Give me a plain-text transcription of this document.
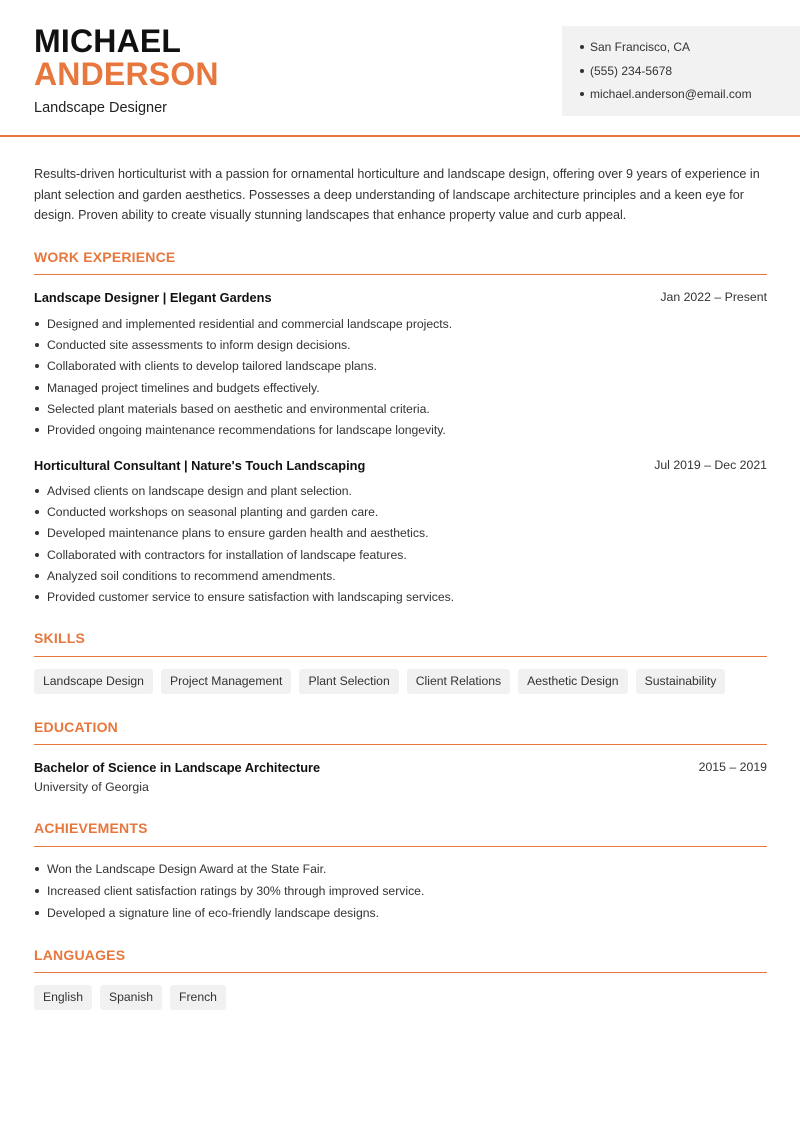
MICHAEL
ANDERSON
Landscape Designer
San Francisco, CA
(555) 234-5678
michael.anderson@email.com

Results-driven horticulturist with a passion for ornamental horticulture and landscape design, offering over 9 years of experience in plant selection and garden aesthetics. Possesses a deep understanding of landscape architecture principles and a keen eye for design. Proven ability to create visually stunning landscapes that enhance property value and curb appeal.

WORK EXPERIENCE
Landscape Designer | Elegant Gardens	Jan 2022 – Present
Designed and implemented residential and commercial landscape projects.
Conducted site assessments to inform design decisions.
Collaborated with clients to develop tailored landscape plans.
Managed project timelines and budgets effectively.
Selected plant materials based on aesthetic and environmental criteria.
Provided ongoing maintenance recommendations for landscape longevity.
Horticultural Consultant | Nature's Touch Landscaping	Jul 2019 – Dec 2021
Advised clients on landscape design and plant selection.
Conducted workshops on seasonal planting and garden care.
Developed maintenance plans to ensure garden health and aesthetics.
Collaborated with contractors for installation of landscape features.
Analyzed soil conditions to recommend amendments.
Provided customer service to ensure satisfaction with landscaping services.
SKILLS
Landscape Design	Project Management	Plant Selection	Client Relations	Aesthetic Design	Sustainability
EDUCATION
Bachelor of Science in Landscape Architecture	2015 – 2019
University of Georgia
ACHIEVEMENTS
Won the Landscape Design Award at the State Fair.
Increased client satisfaction ratings by 30% through improved service.
Developed a signature line of eco-friendly landscape designs.
LANGUAGES
English	Spanish	French
